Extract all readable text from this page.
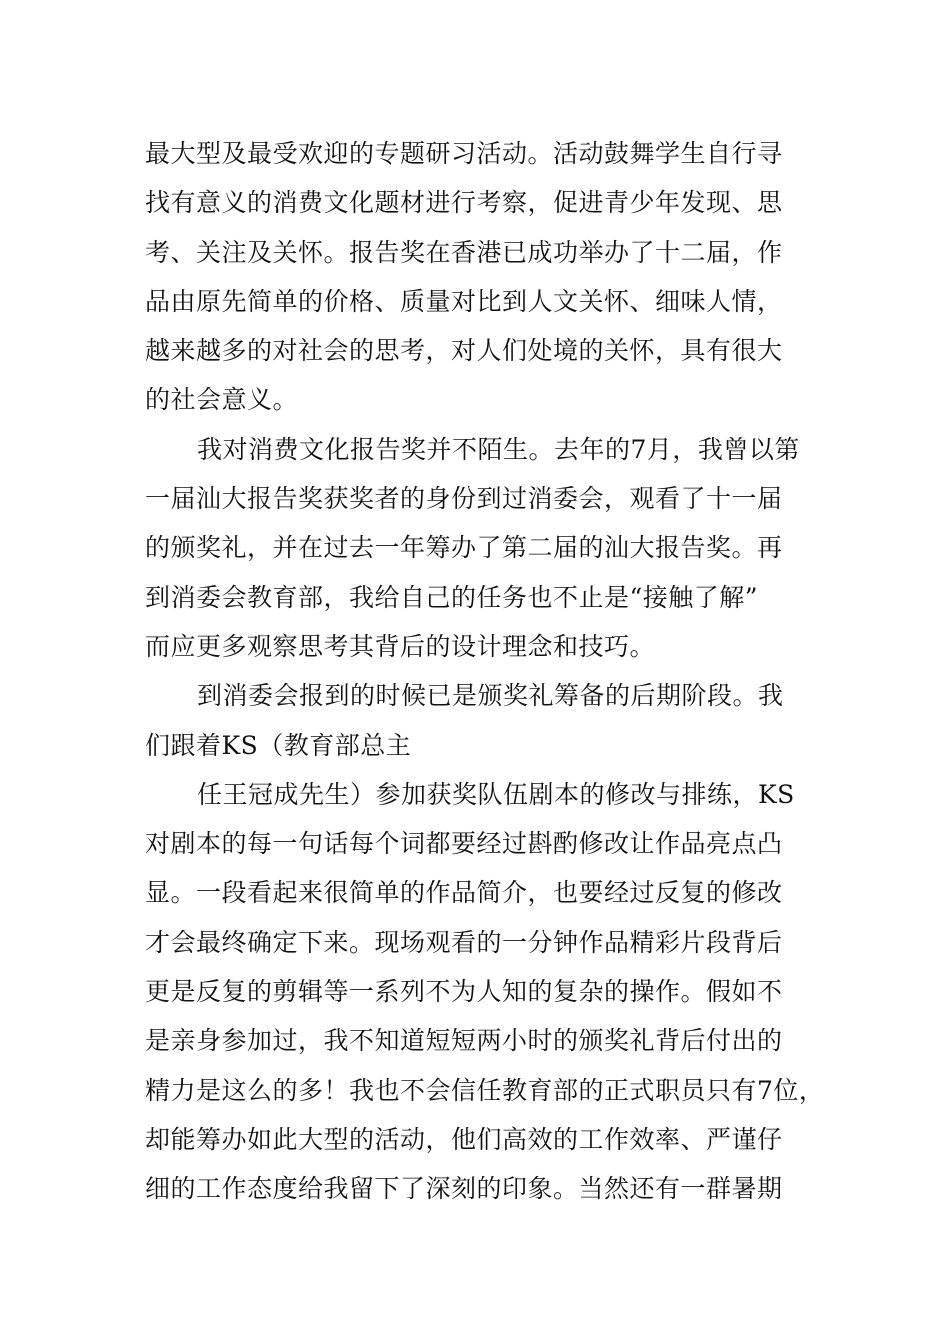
最大型及最受欢迎的专题研习活动。活动鼓舞学生自行寻
找有意义的消费文化题材进行考察，促进青少年发现、思
考、关注及关怀。报告奖在香港已成功举办了十二届，作
品由原先简单的价格、质量对比到人文关怀、细味人情，
越来越多的对社会的思考，对人们处境的关怀，具有很大
的社会意义。
我对消费文化报告奖并不陌生。去年的7月，我曾以第
一届汕大报告奖获奖者的身份到过消委会，观看了十一届
的颁奖礼，并在过去一年筹办了第二届的汕大报告奖。再
到消委会教育部，我给自己的任务也不止是“接触了解”
而应更多观察思考其背后的设计理念和技巧。
到消委会报到的时候已是颁奖礼筹备的后期阶段。我
们跟着KS（教育部总主
任王冠成先生）参加获奖队伍剧本的修改与排练，KS
对剧本的每一句话每个词都要经过斟酌修改让作品亮点凸
显。一段看起来很简单的作品简介，也要经过反复的修改
才会最终确定下来。现场观看的一分钟作品精彩片段背后
更是反复的剪辑等一系列不为人知的复杂的操作。假如不
是亲身参加过，我不知道短短两小时的颁奖礼背后付出的
精力是这么的多！我也不会信任教育部的正式职员只有7位，
却能筹办如此大型的活动，他们高效的工作效率、严谨仔
细的工作态度给我留下了深刻的印象。当然还有一群暑期
